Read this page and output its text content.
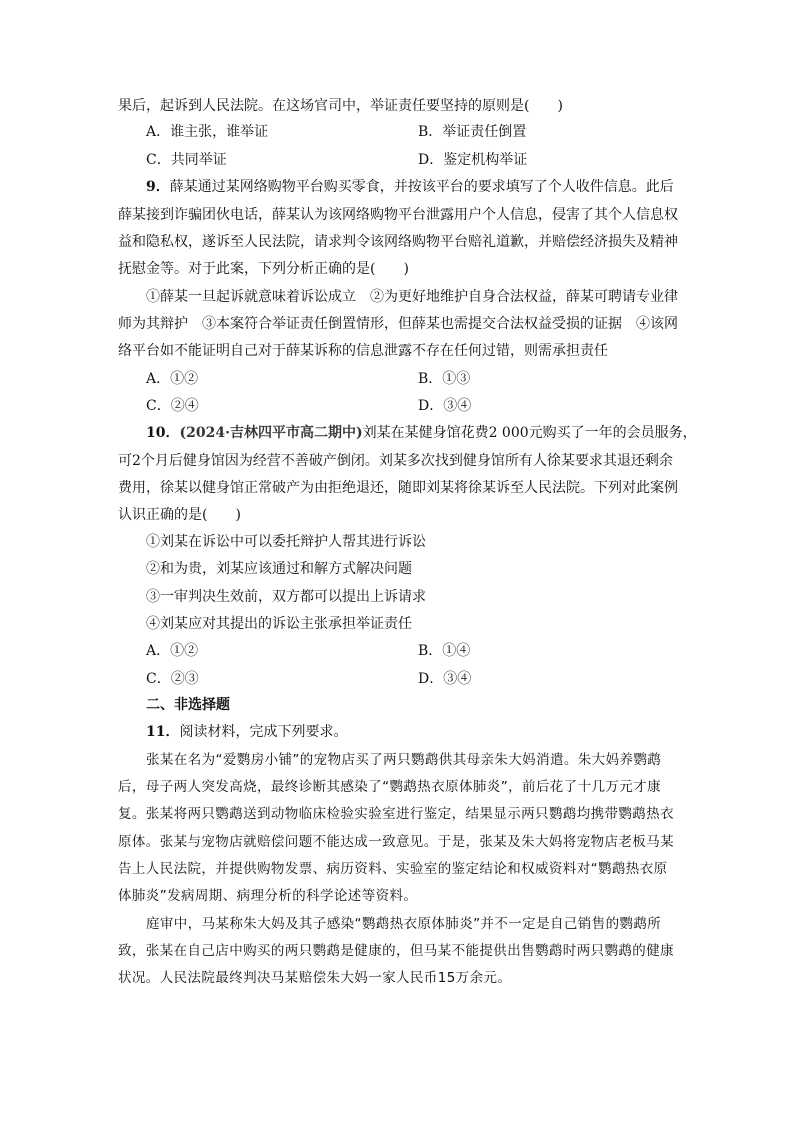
果后，起诉到人民法院。在这场官司中，举证责任要坚持的原则是(　　)
A．谁主张，谁举证	B．举证责任倒置
C．共同举证	D．鉴定机构举证
9．薛某通过某网络购物平台购买零食，并按该平台的要求填写了个人收件信息。此后
薛某接到诈骗团伙电话，薛某认为该网络购物平台泄露用户个人信息，侵害了其个人信息权
益和隐私权，遂诉至人民法院，请求判令该网络购物平台赔礼道歉，并赔偿经济损失及精神
抚慰金等。对于此案，下列分析正确的是(　　)
①薛某一旦起诉就意味着诉讼成立　②为更好地维护自身合法权益，薛某可聘请专业律
师为其辩护　③本案符合举证责任倒置情形，但薛某也需提交合法权益受损的证据　④该网
络平台如不能证明自己对于薛某诉称的信息泄露不存在任何过错，则需承担责任
A．①②	B．①③
C．②④	D．③④
10．(2024·吉林四平市高二期中)刘某在某健身馆花费2 000元购买了一年的会员服务，
可2个月后健身馆因为经营不善破产倒闭。刘某多次找到健身馆所有人徐某要求其退还剩余
费用，徐某以健身馆正常破产为由拒绝退还，随即刘某将徐某诉至人民法院。下列对此案例
认识正确的是(　　)
①刘某在诉讼中可以委托辩护人帮其进行诉讼
②和为贵，刘某应该通过和解方式解决问题
③一审判决生效前，双方都可以提出上诉请求
④刘某应对其提出的诉讼主张承担举证责任
A．①②	B．①④
C．②③	D．③④
二、非选择题
11．阅读材料，完成下列要求。
张某在名为“爱鹦房小铺”的宠物店买了两只鹦鹉供其母亲朱大妈消遣。朱大妈养鹦鹉
后，母子两人突发高烧，最终诊断其感染了“鹦鹉热衣原体肺炎”，前后花了十几万元才康
复。张某将两只鹦鹉送到动物临床检验实验室进行鉴定，结果显示两只鹦鹉均携带鹦鹉热衣
原体。张某与宠物店就赔偿问题不能达成一致意见。于是，张某及朱大妈将宠物店老板马某
告上人民法院，并提供购物发票、病历资料、实验室的鉴定结论和权威资料对“鹦鹉热衣原
体肺炎”发病周期、病理分析的科学论述等资料。
庭审中，马某称朱大妈及其子感染“鹦鹉热衣原体肺炎”并不一定是自己销售的鹦鹉所
致，张某在自己店中购买的两只鹦鹉是健康的，但马某不能提供出售鹦鹉时两只鹦鹉的健康
状况。人民法院最终判决马某赔偿朱大妈一家人民币15万余元。
